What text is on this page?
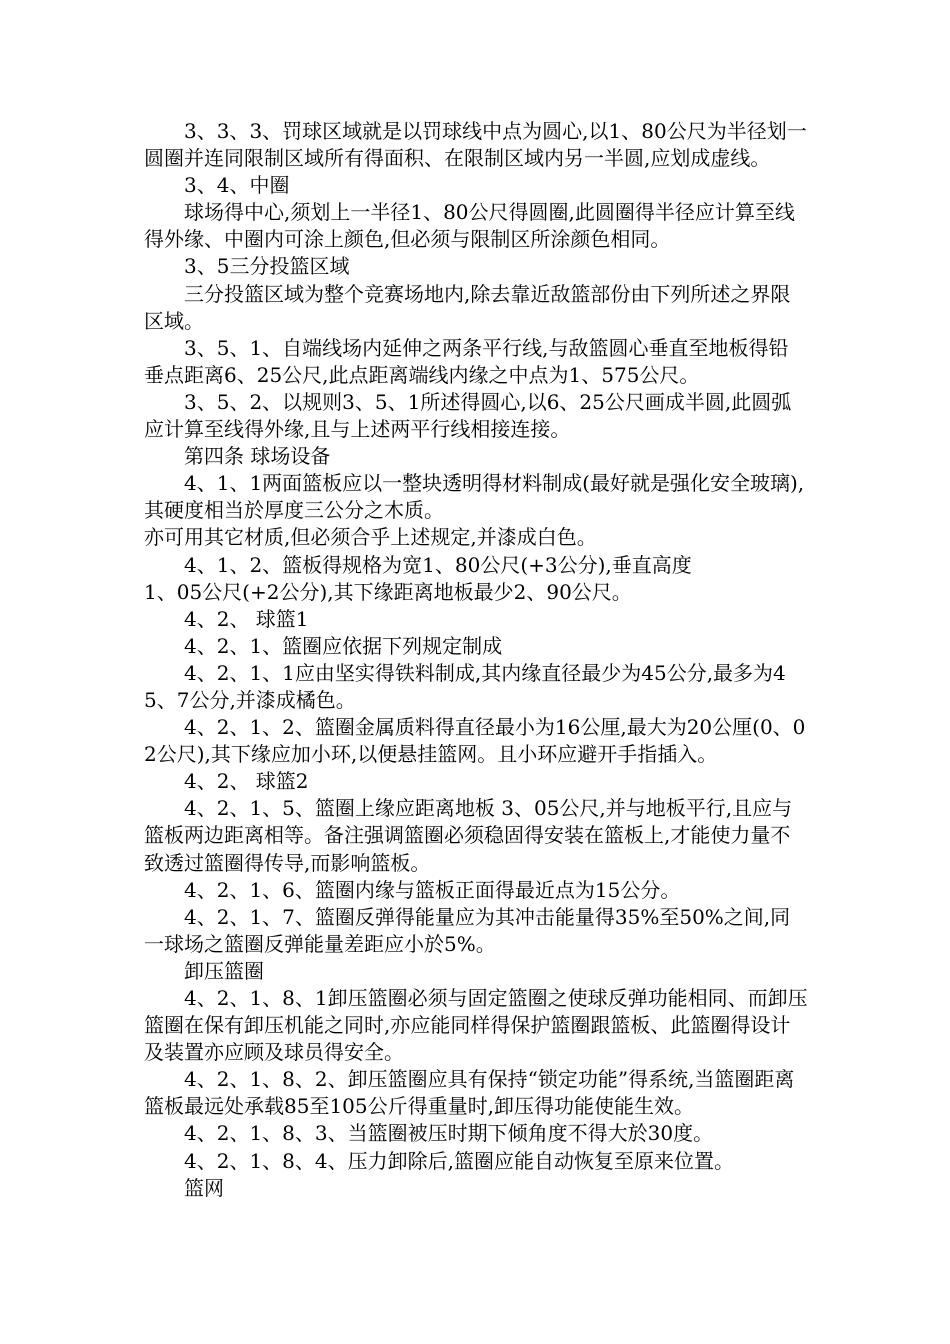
3、3、3、罚球区域就是以罚球线中点为圆心,以1、80公尺为半径划一圆圈并连同限制区域所有得面积、在限制区域内另一半圆,应划成虚线。

3、4、中圈

球场得中心,须划上一半径1、80公尺得圆圈,此圆圈得半径应计算至线得外缘、中圈内可涂上颜色,但必须与限制区所涂颜色相同。

3、5三分投篮区域

三分投篮区域为整个竞赛场地内,除去靠近敌篮部份由下列所述之界限区域。

3、5、1、自端线场内延伸之两条平行线,与敌篮圆心垂直至地板得铅垂点距离6、25公尺,此点距离端线内缘之中点为1、575公尺。

3、5、2、以规则3、5、1所述得圆心,以6、25公尺画成半圆,此圆弧应计算至线得外缘,且与上述两平行线相接连接。

第四条 球场设备

4、1、1两面篮板应以一整块透明得材料制成(最好就是强化安全玻璃),其硬度相当於厚度三公分之木质。

亦可用其它材质,但必须合乎上述规定,并漆成白色。

4、1、2、篮板得规格为宽1、80公尺(+3公分),垂直高度

1、05公尺(+2公分),其下缘距离地板最少2、90公尺。

4、2、 球篮1

4、2、1、篮圈应依据下列规定制成

4、2、1、1应由坚实得铁料制成,其内缘直径最少为45公分,最多为45、7公分,并漆成橘色。

4、2、1、2、篮圈金属质料得直径最小为16公厘,最大为20公厘(0、02公尺),其下缘应加小环,以便悬挂篮网。且小环应避开手指插入。

4、2、 球篮2

4、2、1、5、篮圈上缘应距离地板 3、05公尺,并与地板平行,且应与篮板两边距离相等。备注强调篮圈必须稳固得安装在篮板上,才能使力量不致透过篮圈得传导,而影响篮板。

4、2、1、6、篮圈内缘与篮板正面得最近点为15公分。

4、2、1、7、篮圈反弹得能量应为其冲击能量得35%至50%之间,同一球场之篮圈反弹能量差距应小於5%。

卸压篮圈

4、2、1、8、1卸压篮圈必须与固定篮圈之使球反弹功能相同、而卸压篮圈在保有卸压机能之同时,亦应能同样得保护篮圈跟篮板、此篮圈得设计及装置亦应顾及球员得安全。

4、2、1、8、2、卸压篮圈应具有保持“锁定功能”得系统,当篮圈距离篮板最远处承载85至105公斤得重量时,卸压得功能使能生效。

4、2、1、8、3、当篮圈被压时期下倾角度不得大於30度。

4、2、1、8、4、压力卸除后,篮圈应能自动恢复至原来位置。

篮网
